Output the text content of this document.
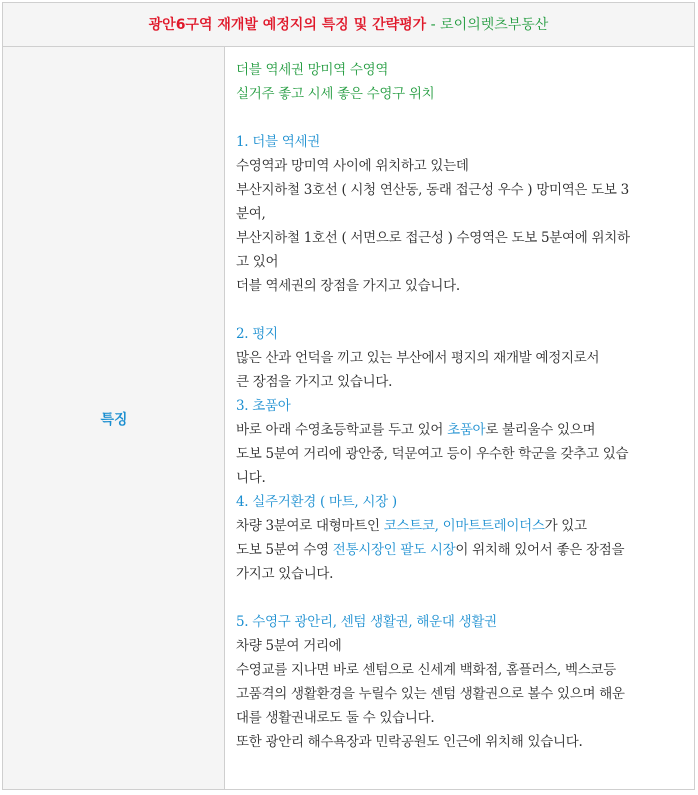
광안6구역 재개발 예정지의 특징 및 간략평가 - 로이의렛츠부동산
특징
더블 역세권 망미역 수영역
실거주 좋고 시세 좋은 수영구 위치
1. 더블 역세권
수영역과 망미역 사이에 위치하고 있는데
부산지하철 3호선 ( 시청 연산동, 동래 접근성 우수 ) 망미역은 도보 3
분여,
부산지하철 1호선 ( 서면으로 접근성 ) 수영역은 도보 5분여에 위치하
고 있어
더블 역세권의 장점을 가지고 있습니다.
2. 평지
많은 산과 언덕을 끼고 있는 부산에서 평지의 재개발 예정지로서
큰 장점을 가지고 있습니다.
3. 초품아
바로 아래 수영초등학교를 두고 있어 초품아로 불리울수 있으며
도보 5분여 거리에 광안중, 덕문여고 등이 우수한 학군을 갖추고 있습
니다.
4. 실주거환경 ( 마트, 시장 )
차량 3분여로 대형마트인 코스트코, 이마트트레이더스가 있고
도보 5분여 수영 전통시장인 팔도 시장이 위치해 있어서 좋은 장점을
가지고 있습니다.
5. 수영구 광안리, 센텀 생활권, 해운대 생활권
차량 5분여 거리에
수영교를 지나면 바로 센텀으로 신세계 백화점, 홈플러스, 벡스코등
고품격의 생활환경을 누릴수 있는 센텀 생활권으로 볼수 있으며 해운
대를 생활권내로도 둘 수 있습니다.
또한 광안리 해수욕장과 민락공원도 인근에 위치해 있습니다.
